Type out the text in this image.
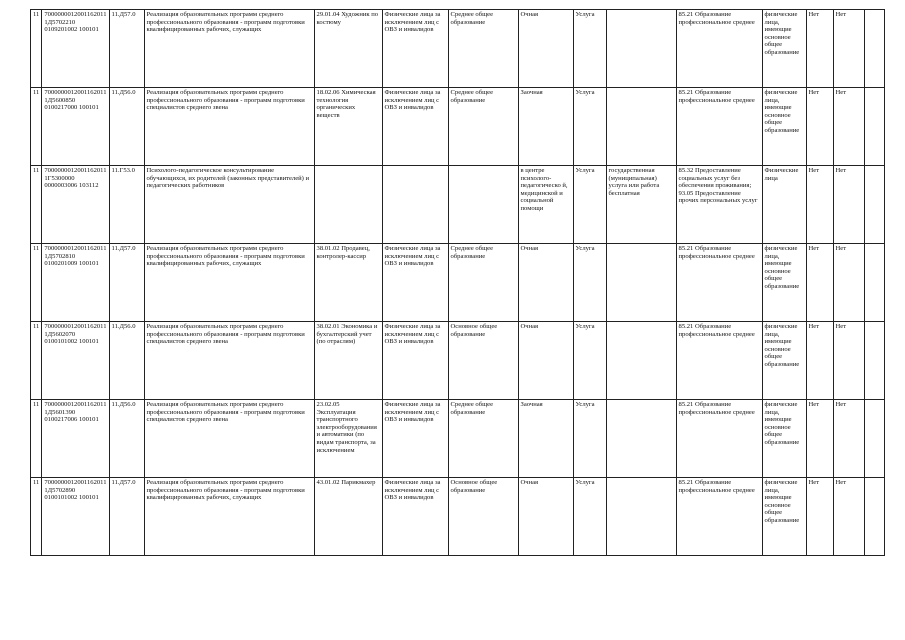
11	7000000012001162011 1Д5702210 0109201002 100101	11.Д57.0	Реализация образовательных программ среднего профессионального образования - программ подготовки квалифицированных рабочих, служащих	29.01.04 Художник по костюму	Физические лица за исключением лиц с ОВЗ и инвалидов	Среднее общее образование	Очная	Услуга		85.21 Образование профессиональное среднее	физические лица, имеющие основное общее образование	Нет	Нет	
11	7000000012001162011 1Д5600850 0100217000 100101	11.Д56.0	Реализация образовательных программ среднего профессионального образования - программ подготовки специалистов среднего звена	18.02.06 Химическая технология органических веществ	Физические лица за исключением лиц с ОВЗ и инвалидов	Среднее общее образование	Заочная	Услуга		85.21 Образование профессиональное среднее	физические лица, имеющие основное общее образование	Нет	Нет	
11	7000000012001162011 1Г5300000 0000003006 103112	11.Г53.0	Психолого-педагогическое консультирование обучающихся, их родителей (законных представителей) и педагогических работников				в центре психолого-педагогическо й, медицинской и социальной помощи	Услуга	государственная (муниципальная) услуга или работа бесплатная	85.32 Предоставление социальных услуг без обеспечения проживания; 93.05 Предоставление прочих персональных услуг	Физические лица	Нет	Нет	
11	7000000012001162011 1Д5702810 0100201009 100101	11.Д57.0	Реализация образовательных программ среднего профессионального образования - программ подготовки квалифицированных рабочих, служащих	38.01.02 Продавец, контролер-кассир	Физические лица за исключением лиц с ОВЗ и инвалидов	Среднее общее образование	Очная	Услуга		85.21 Образование профессиональное среднее	физические лица, имеющие основное общее образование	Нет	Нет	
11	7000000012001162011 1Д5602070 0100101002 100101	11.Д56.0	Реализация образовательных программ среднего профессионального образования - программ подготовки специалистов среднего звена	38.02.01 Экономика и бухгалтерский учет (по отраслям)	Физические лица за исключением лиц с ОВЗ и инвалидов	Основное общее образование	Очная	Услуга		85.21 Образование профессиональное среднее	физические лица, имеющие основное общее образование	Нет	Нет	
11	7000000012001162011 1Д5601390 0100217006 100101	11.Д56.0	Реализация образовательных программ среднего профессионального образования - программ подготовки специалистов среднего звена	23.02.05 Эксплуатация транспортного электрооборудования и автоматики (по видам транспорта, за исключением	Физические лица за исключением лиц с ОВЗ и инвалидов	Среднее общее образование	Заочная	Услуга		85.21 Образование профессиональное среднее	физические лица, имеющие основное общее образование	Нет	Нет	
11	7000000012001162011 1Д5702890 0100101002 100101	11.Д57.0	Реализация образовательных программ среднего профессионального образования - программ подготовки квалифицированных рабочих, служащих	43.01.02 Парикмахер	Физические лица за исключением лиц с ОВЗ и инвалидов	Основное общее образование	Очная	Услуга		85.21 Образование профессиональное среднее	физические лица, имеющие основное общее образование	Нет	Нет	
